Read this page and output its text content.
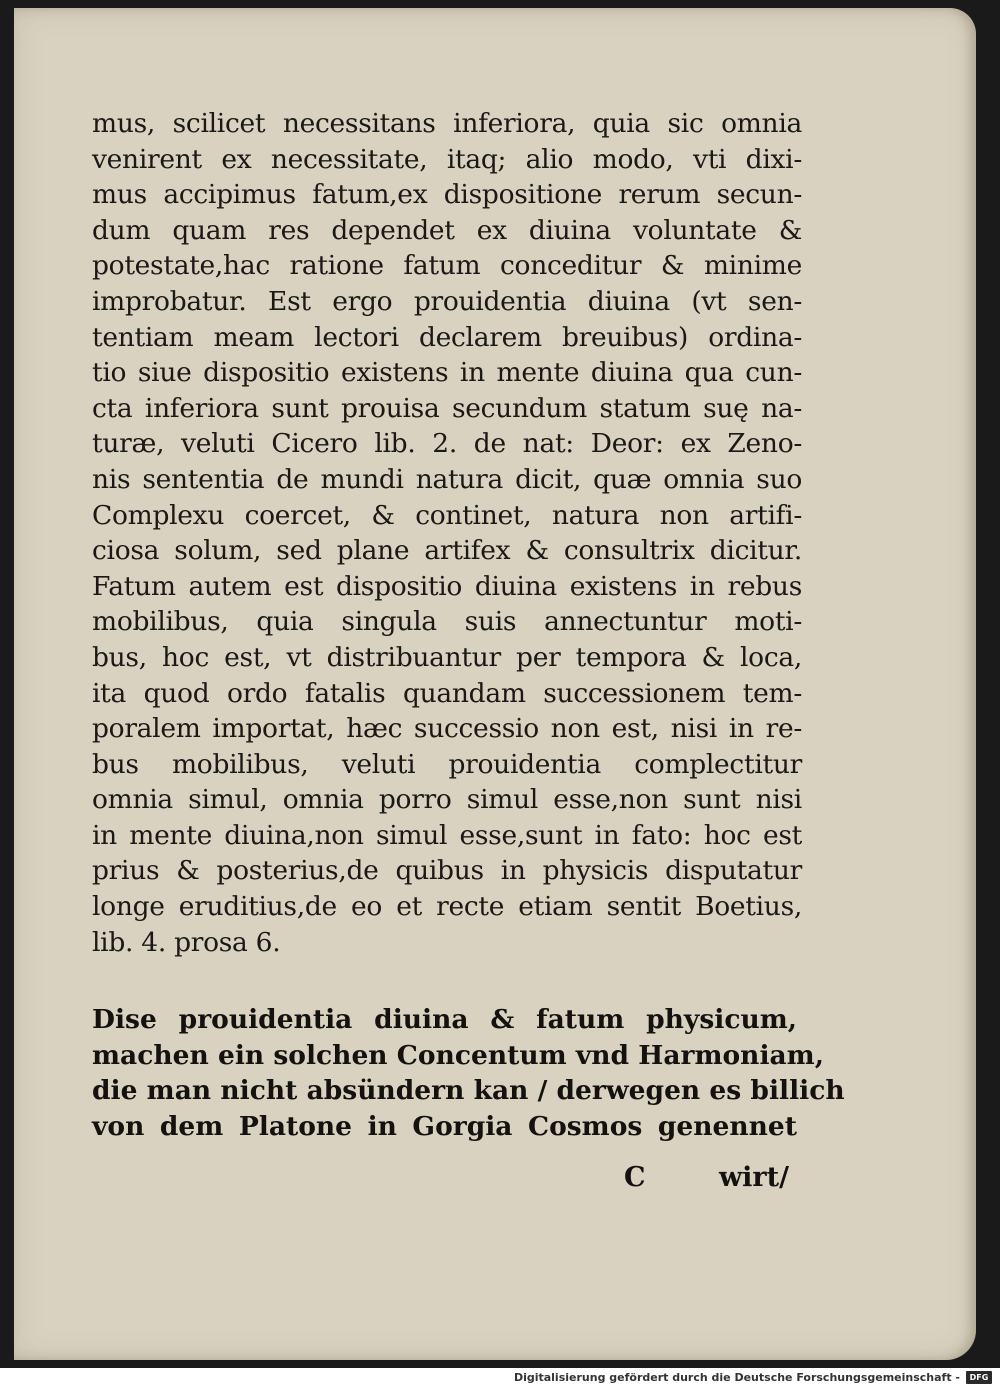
mus, scilicet necessitans inferiora, quia sic omnia
venirent ex necessitate, itaq; alio modo, vti dixi-
mus accipimus fatum,ex dispositione rerum secun-
dum quam res dependet ex diuina voluntate &
potestate,hac ratione fatum conceditur & minime
improbatur. Est ergo prouidentia diuina (vt sen-
tentiam meam lectori declarem breuibus) ordina-
tio siue dispositio existens in mente diuina qua cun-
cta inferiora sunt prouisa secundum statum suę na-
turæ, veluti Cicero lib. 2. de nat: Deor: ex Zeno-
nis sententia de mundi natura dicit, quæ omnia suo
Complexu coercet, & continet, natura non artifi-
ciosa solum, sed plane artifex & consultrix dicitur.
Fatum autem est dispositio diuina existens in rebus
mobilibus, quia singula suis annectuntur moti-
bus, hoc est, vt distribuantur per tempora & loca,
ita quod ordo fatalis quandam successionem tem-
poralem importat, hæc successio non est, nisi in re-
bus mobilibus, veluti prouidentia complectitur
omnia simul, omnia porro simul esse,non sunt nisi
in mente diuina,non simul esse,sunt in fato: hoc est
prius & posterius,de quibus in physicis disputatur
longe eruditius,de eo et recte etiam sentit Boetius,
lib. 4. prosa 6.
Dise prouidentia diuina & fatum physicum,
machen ein solchen Concentum vnd Harmoniam,
die man nicht absündern kan / derwegen es billich
von dem Platone in Gorgia Cosmos genennet
C	wirt/
Digitalisierung gefördert durch die Deutsche Forschungsgemeinschaft -	DFG
